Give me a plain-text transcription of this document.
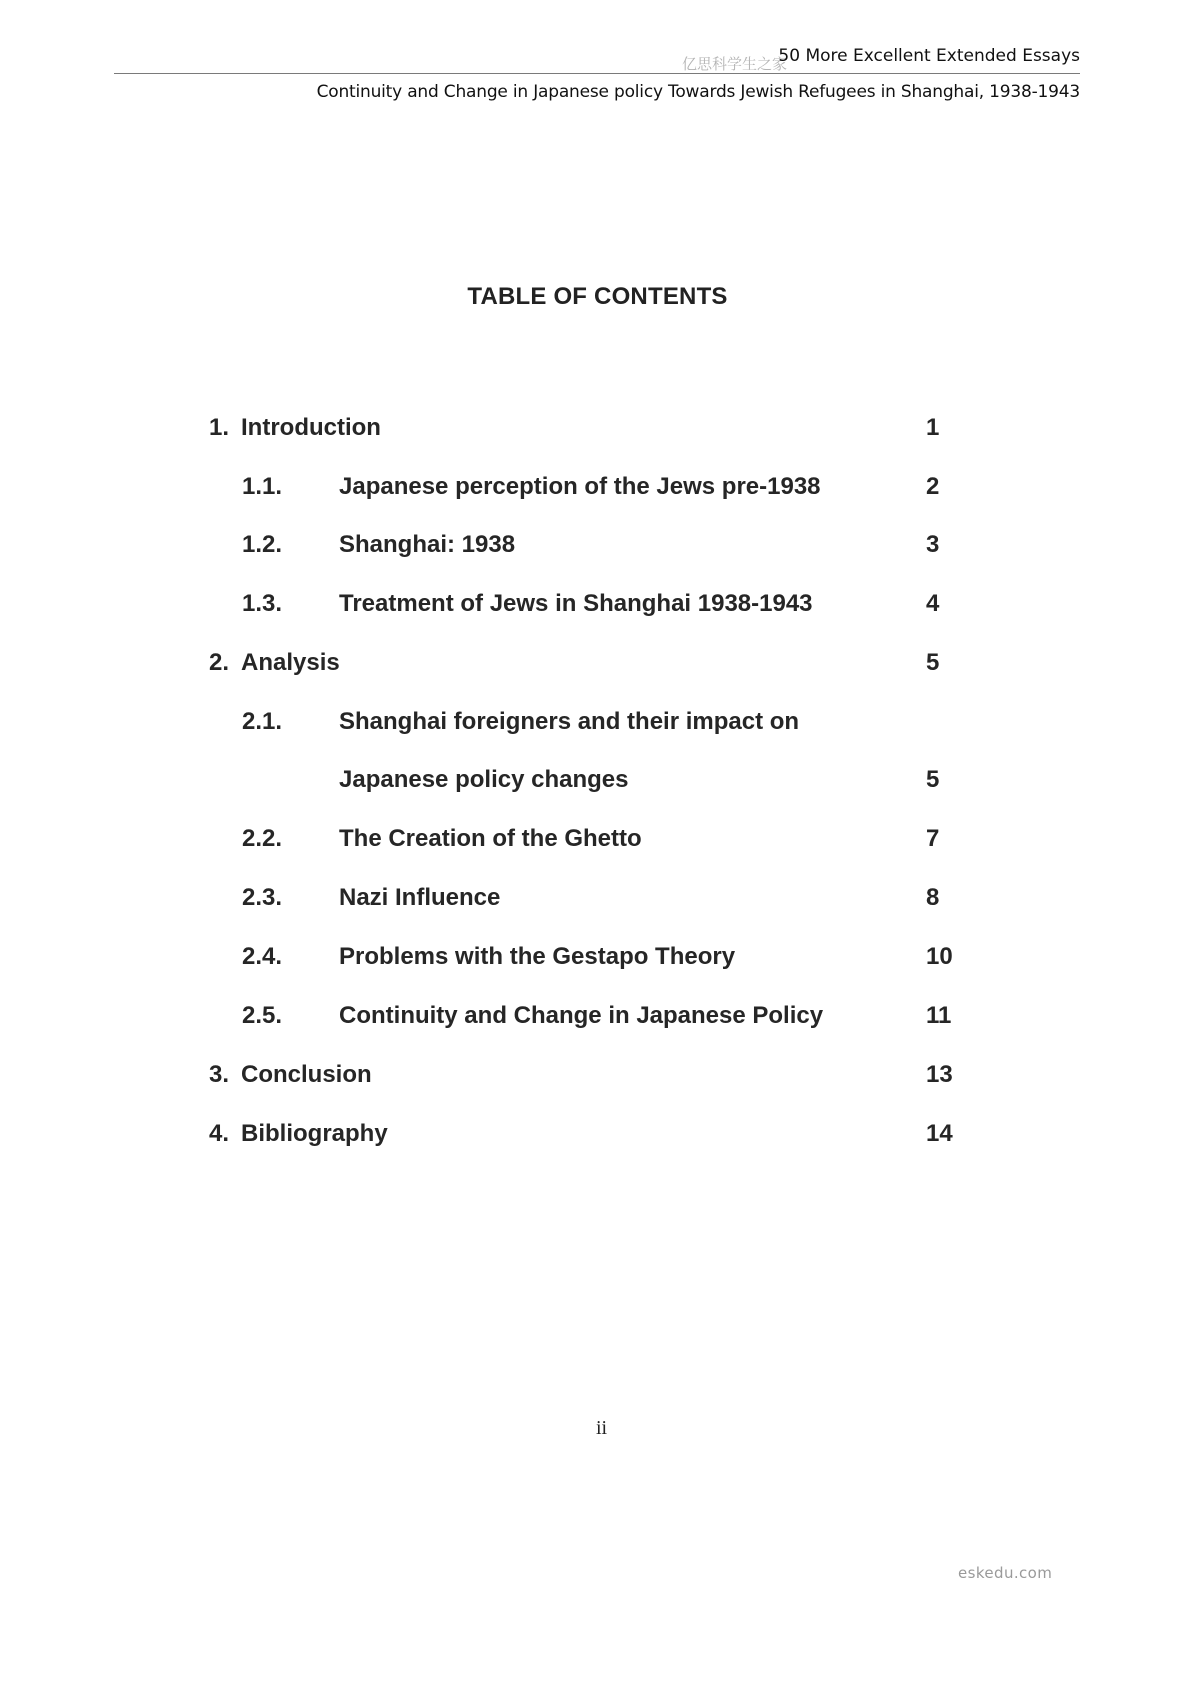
亿思科学生之家
50 More Excellent Extended Essays
Continuity and Change in Japanese policy Towards Jewish Refugees in Shanghai, 1938-1943
TABLE OF CONTENTS
1. Introduction	1
1.1. Japanese perception of the Jews pre-1938	2
1.2. Shanghai: 1938	3
1.3. Treatment of Jews in Shanghai 1938-1943	4
2. Analysis	5
2.1. Shanghai foreigners and their impact on
Japanese policy changes	5
2.2. The Creation of the Ghetto	7
2.3. Nazi Influence	8
2.4. Problems with the Gestapo Theory	10
2.5. Continuity and Change in Japanese Policy	11
3. Conclusion	13
4. Bibliography	14
ii
eskedu.com
